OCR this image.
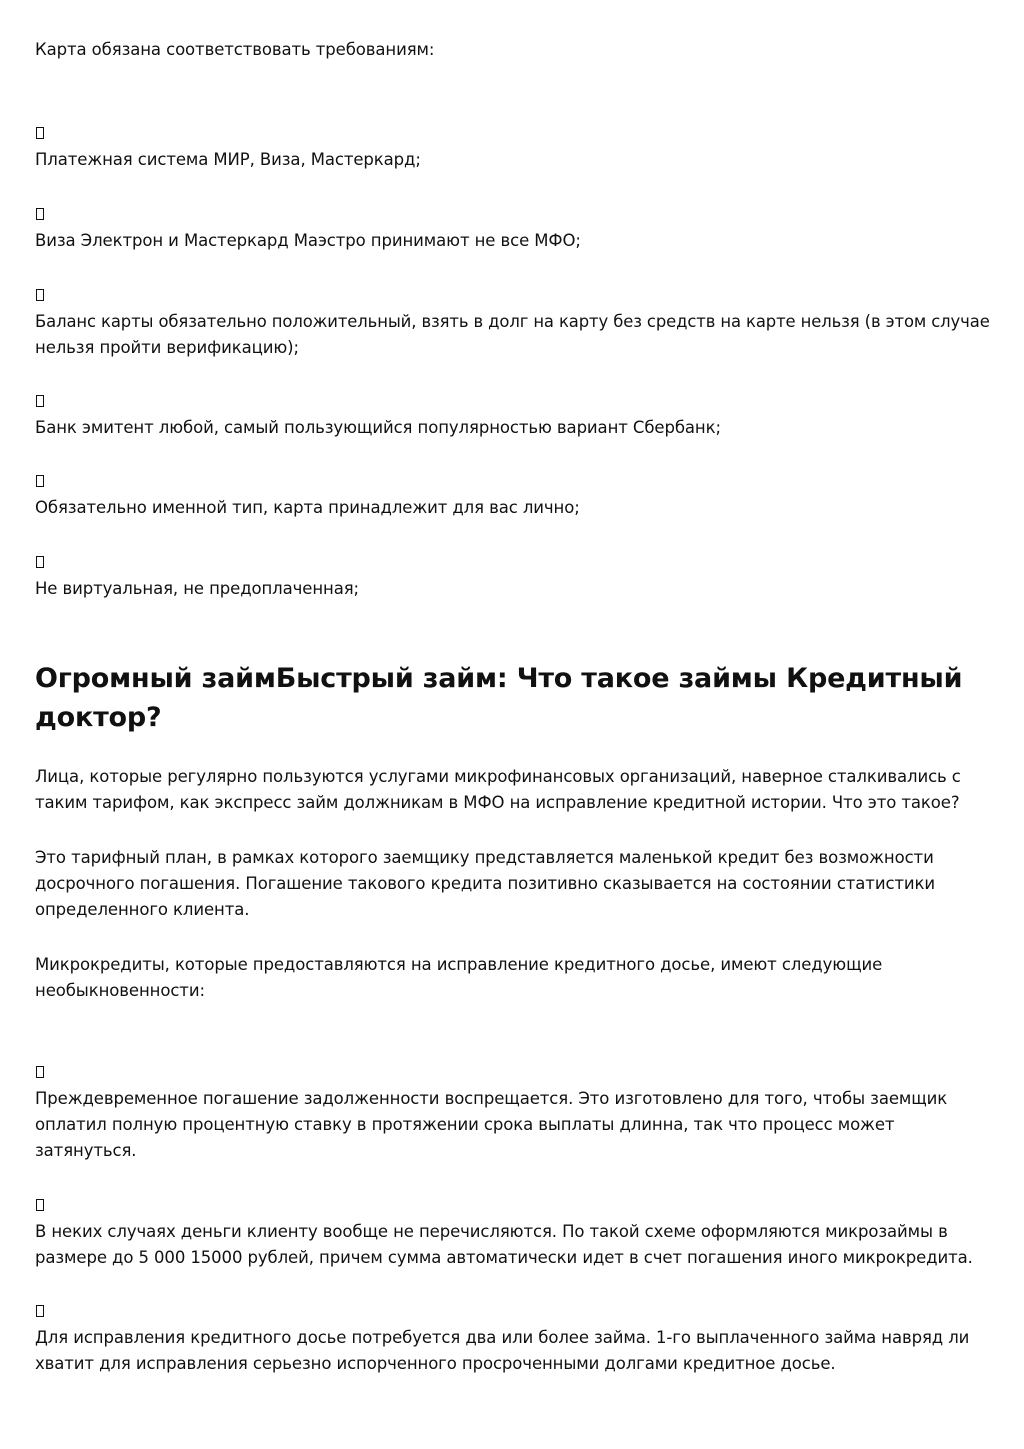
Карта обязана соответствовать требованиям:
Платежная система МИР, Виза, Мастеркард;
Виза Электрон и Мастеркард Маэстро принимают не все МФО;
Баланс карты обязательно положительный, взять в долг на карту без средств на карте нельзя (в этом случае
нельзя пройти верификацию);
Банк эмитент любой, самый пользующийся популярностью вариант Сбербанк;
Обязательно именной тип, карта принадлежит для вас лично;
Не виртуальная, не предоплаченная;
Огромный займБыстрый займ: Что такое займы Кредитный
доктор?
Лица, которые регулярно пользуются услугами микрофинансовых организаций, наверное сталкивались с
таким тарифом, как экспресс займ должникам в МФО на исправление кредитной истории. Что это такое?
Это тарифный план, в рамках которого заемщику представляется маленькой кредит без возможности
досрочного погашения. Погашение такового кредита позитивно сказывается на состоянии статистики
определенного клиента.
Микрокредиты, которые предоставляются на исправление кредитного досье, имеют следующие
необыкновенности:
Преждевременное погашение задолженности воспрещается. Это изготовлено для того, чтобы заемщик
оплатил полную процентную ставку в протяжении срока выплаты длинна, так что процесс может
затянуться.
В неких случаях деньги клиенту вообще не перечисляются. По такой схеме оформляются микрозаймы в
размере до 5 000 15000 рублей, причем сумма автоматически идет в счет погашения иного микрокредита.
Для исправления кредитного досье потребуется два или более займа. 1-го выплаченного займа навряд ли
хватит для исправления серьезно испорченного просроченными долгами кредитное досье.
